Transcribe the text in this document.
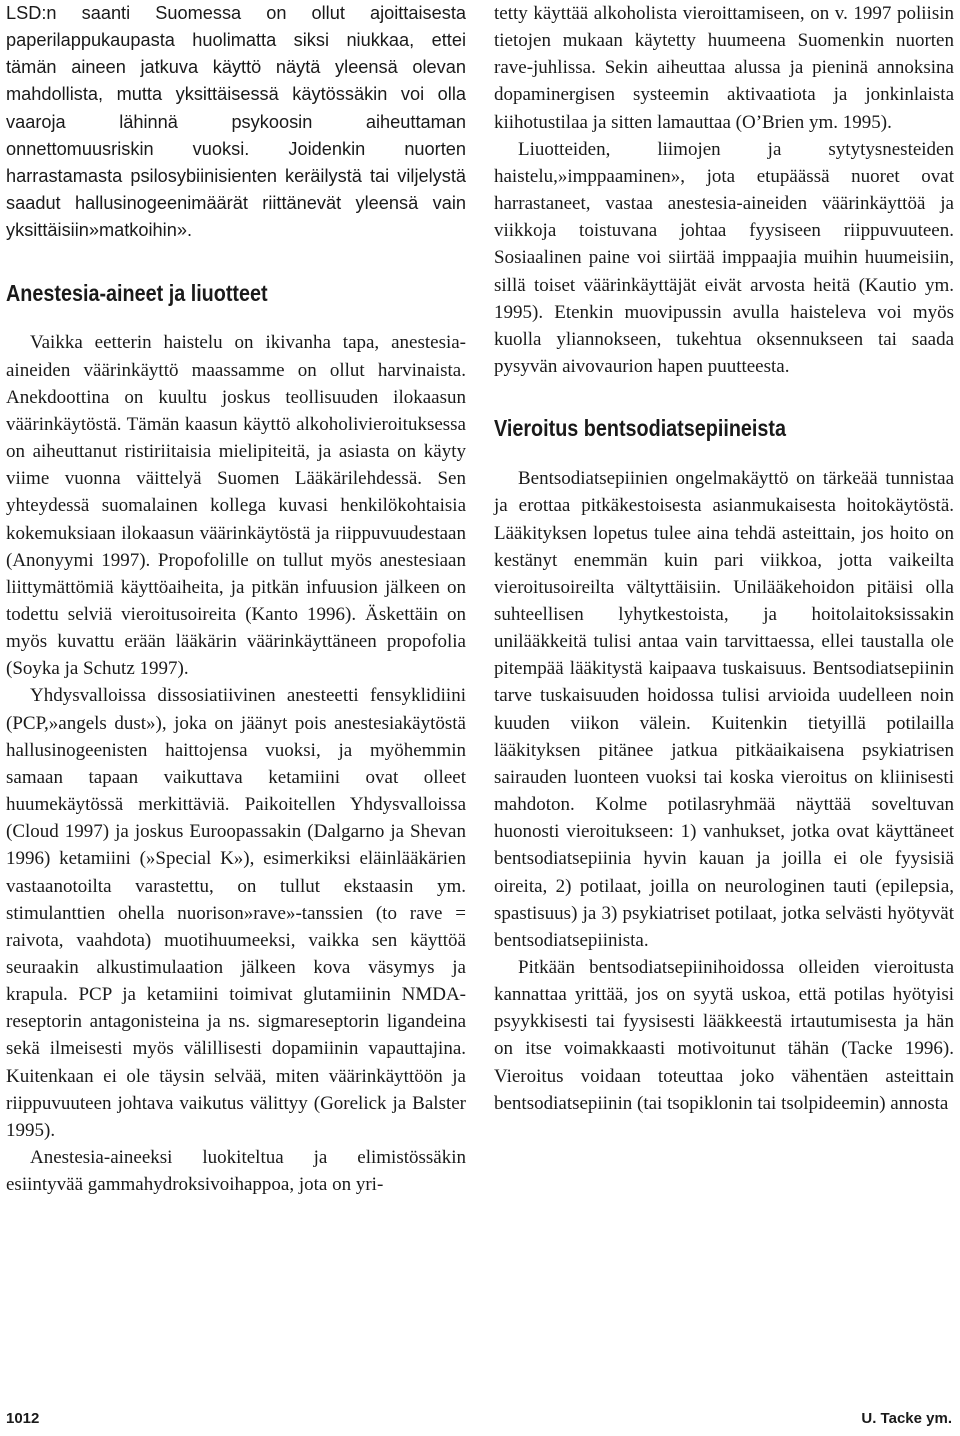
LSD:n saanti Suomessa on ollut ajoittaisesta paperilappukaupasta huolimatta siksi niukkaa, ettei tämän aineen jatkuva käyttö näytä yleensä olevan mahdollista, mutta yksittäisessä käytössäkin voi olla vaaroja lähinnä psykoosin aiheuttaman onnettomuusriskin vuoksi. Joidenkin nuorten harrastamasta psilosybiinisienten keräilystä tai viljelystä saadut hallusinogeenimäärät riittänevät yleensä vain yksittäisiin»matkoihin».

Anestesia-aineet ja liuotteet

Vaikka eetterin haistelu on ikivanha tapa, anestesia-aineiden väärinkäyttö maassamme on ollut harvinaista. Anekdoottina on kuultu joskus teollisuuden ilokaasun väärinkäytöstä. Tämän kaasun käyttö alkoholivieroituksessa on aiheuttanut ristiriitaisia mielipiteitä, ja asiasta on käyty viime vuonna väittelyä Suomen Lääkärilehdessä. Sen yhteydessä suomalainen kollega kuvasi henkilökohtaisia kokemuksiaan ilokaasun väärinkäytöstä ja riippuvuudestaan (Anonyymi 1997). Propofolille on tullut myös anestesiaan liittymättömiä käyttöaiheita, ja pitkän infuusion jälkeen on todettu selviä vieroitusoireita (Kanto 1996). Äskettäin on myös kuvattu erään lääkärin väärinkäyttäneen propofolia (Soyka ja Schutz 1997).

Yhdysvalloissa dissosiatiivinen anesteetti fensyklidiini (PCP,»angels dust»), joka on jäänyt pois anestesiakäytöstä hallusinogeenisten haittojensa vuoksi, ja myöhemmin samaan tapaan vaikuttava ketamiini ovat olleet huumekäytössä merkittäviä. Paikoitellen Yhdysvalloissa (Cloud 1997) ja joskus Euroopassakin (Dalgarno ja Shevan 1996) ketamiini (»Special K»), esimerkiksi eläinlääkärien vastaanotoilta varastettu, on tullut ekstaasin ym. stimulanttien ohella nuorison»rave»-tanssien (to rave = raivota, vaahdota) muotihuumeeksi, vaikka sen käyttöä seuraakin alkustimulaation jälkeen kova väsymys ja krapula. PCP ja ketamiini toimivat glutamiinin NMDA-reseptorin antagonisteina ja ns. sigmareseptorin ligandeina sekä ilmeisesti myös välillisesti dopamiinin vapauttajina. Kuitenkaan ei ole täysin selvää, miten väärinkäyttöön ja riippuvuuteen johtava vaikutus välittyy (Gorelick ja Balster 1995).

Anestesia-aineeksi luokiteltua ja elimistössäkin esiintyvää gammahydroksivoihappoa, jota on yri-

tetty käyttää alkoholista vieroittamiseen, on v. 1997 poliisin tietojen mukaan käytetty huumeena Suomenkin nuorten rave-juhlissa. Sekin aiheuttaa alussa ja pieninä annoksina dopaminergisen systeemin aktivaatiota ja jonkinlaista kiihotustilaa ja sitten lamauttaa (O’Brien ym. 1995).

Liuotteiden, liimojen ja sytytysnesteiden haistelu,»imppaaminen», jota etupäässä nuoret ovat harrastaneet, vastaa anestesia-aineiden väärinkäyttöä ja viikkoja toistuvana johtaa fyysiseen riippuvuuteen. Sosiaalinen paine voi siirtää imppaajia muihin huumeisiin, sillä toiset väärinkäyttäjät eivät arvosta heitä (Kautio ym. 1995). Etenkin muovipussin avulla haisteleva voi myös kuolla yliannokseen, tukehtua oksennukseen tai saada pysyvän aivovaurion hapen puutteesta.

Vieroitus bentsodiatsepiineista

Bentsodiatsepiinien ongelmakäyttö on tärkeää tunnistaa ja erottaa pitkäkestoisesta asianmukaisesta hoitokäytöstä. Lääkityksen lopetus tulee aina tehdä asteittain, jos hoito on kestänyt enemmän kuin pari viikkoa, jotta vaikeilta vieroitusoireilta vältyttäisiin. Unilääkehoidon pitäisi olla suhteellisen lyhytkestoista, ja hoitolaitoksissakin unilääkkeitä tulisi antaa vain tarvittaessa, ellei taustalla ole pitempää lääkitystä kaipaava tuskaisuus. Bentsodiatsepiinin tarve tuskaisuuden hoidossa tulisi arvioida uudelleen noin kuuden viikon välein. Kuitenkin tietyillä potilailla lääkityksen pitänee jatkua pitkäaikaisena psykiatrisen sairauden luonteen vuoksi tai koska vieroitus on kliinisesti mahdoton. Kolme potilasryhmää näyttää soveltuvan huonosti vieroitukseen: 1) vanhukset, jotka ovat käyttäneet bentsodiatsepiinia hyvin kauan ja joilla ei ole fyysisiä oireita, 2) potilaat, joilla on neurologinen tauti (epilepsia, spastisuus) ja 3) psykiatriset potilaat, jotka selvästi hyötyvät bentsodiatsepiinista.

Pitkään bentsodiatsepiinihoidossa olleiden vieroitusta kannattaa yrittää, jos on syytä uskoa, että potilas hyötyisi psyykkisesti tai fyysisesti lääkkeestä irtautumisesta ja hän on itse voimakkaasti motivoitunut tähän (Tacke 1996). Vieroitus voidaan toteuttaa joko vähentäen asteittain bentsodiatsepiinin (tai tsopiklonin tai tsolpideemin) annosta

1012	U. Tacke ym.
